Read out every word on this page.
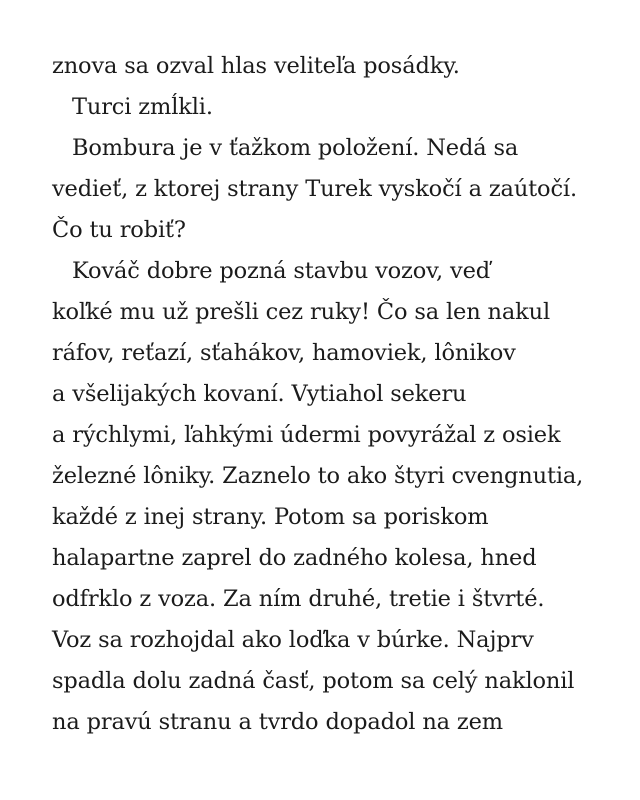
znova sa ozval hlas veliteľa posádky.
Turci zmĺkli.
Bombura je v ťažkom položení. Nedá sa
vedieť, z ktorej strany Turek vyskočí a zaútočí.
Čo tu robiť?
Kováč dobre pozná stavbu vozov, veď
koľké mu už prešli cez ruky! Čo sa len nakul
ráfov, reťazí, sťahákov, hamoviek, lônikov
a všelijakých kovaní. Vytiahol sekeru
a rýchlymi, ľahkými údermi povyrážal z osiek
železné lôniky. Zaznelo to ako štyri cvengnutia,
každé z inej strany. Potom sa poriskom
halapartne zaprel do zadného kolesa, hned
odfrklo z voza. Za ním druhé, tretie i štvrté.
Voz sa rozhojdal ako loďka v búrke. Najprv
spadla dolu zadná časť, potom sa celý naklonil
na pravú stranu a tvrdo dopadol na zem
